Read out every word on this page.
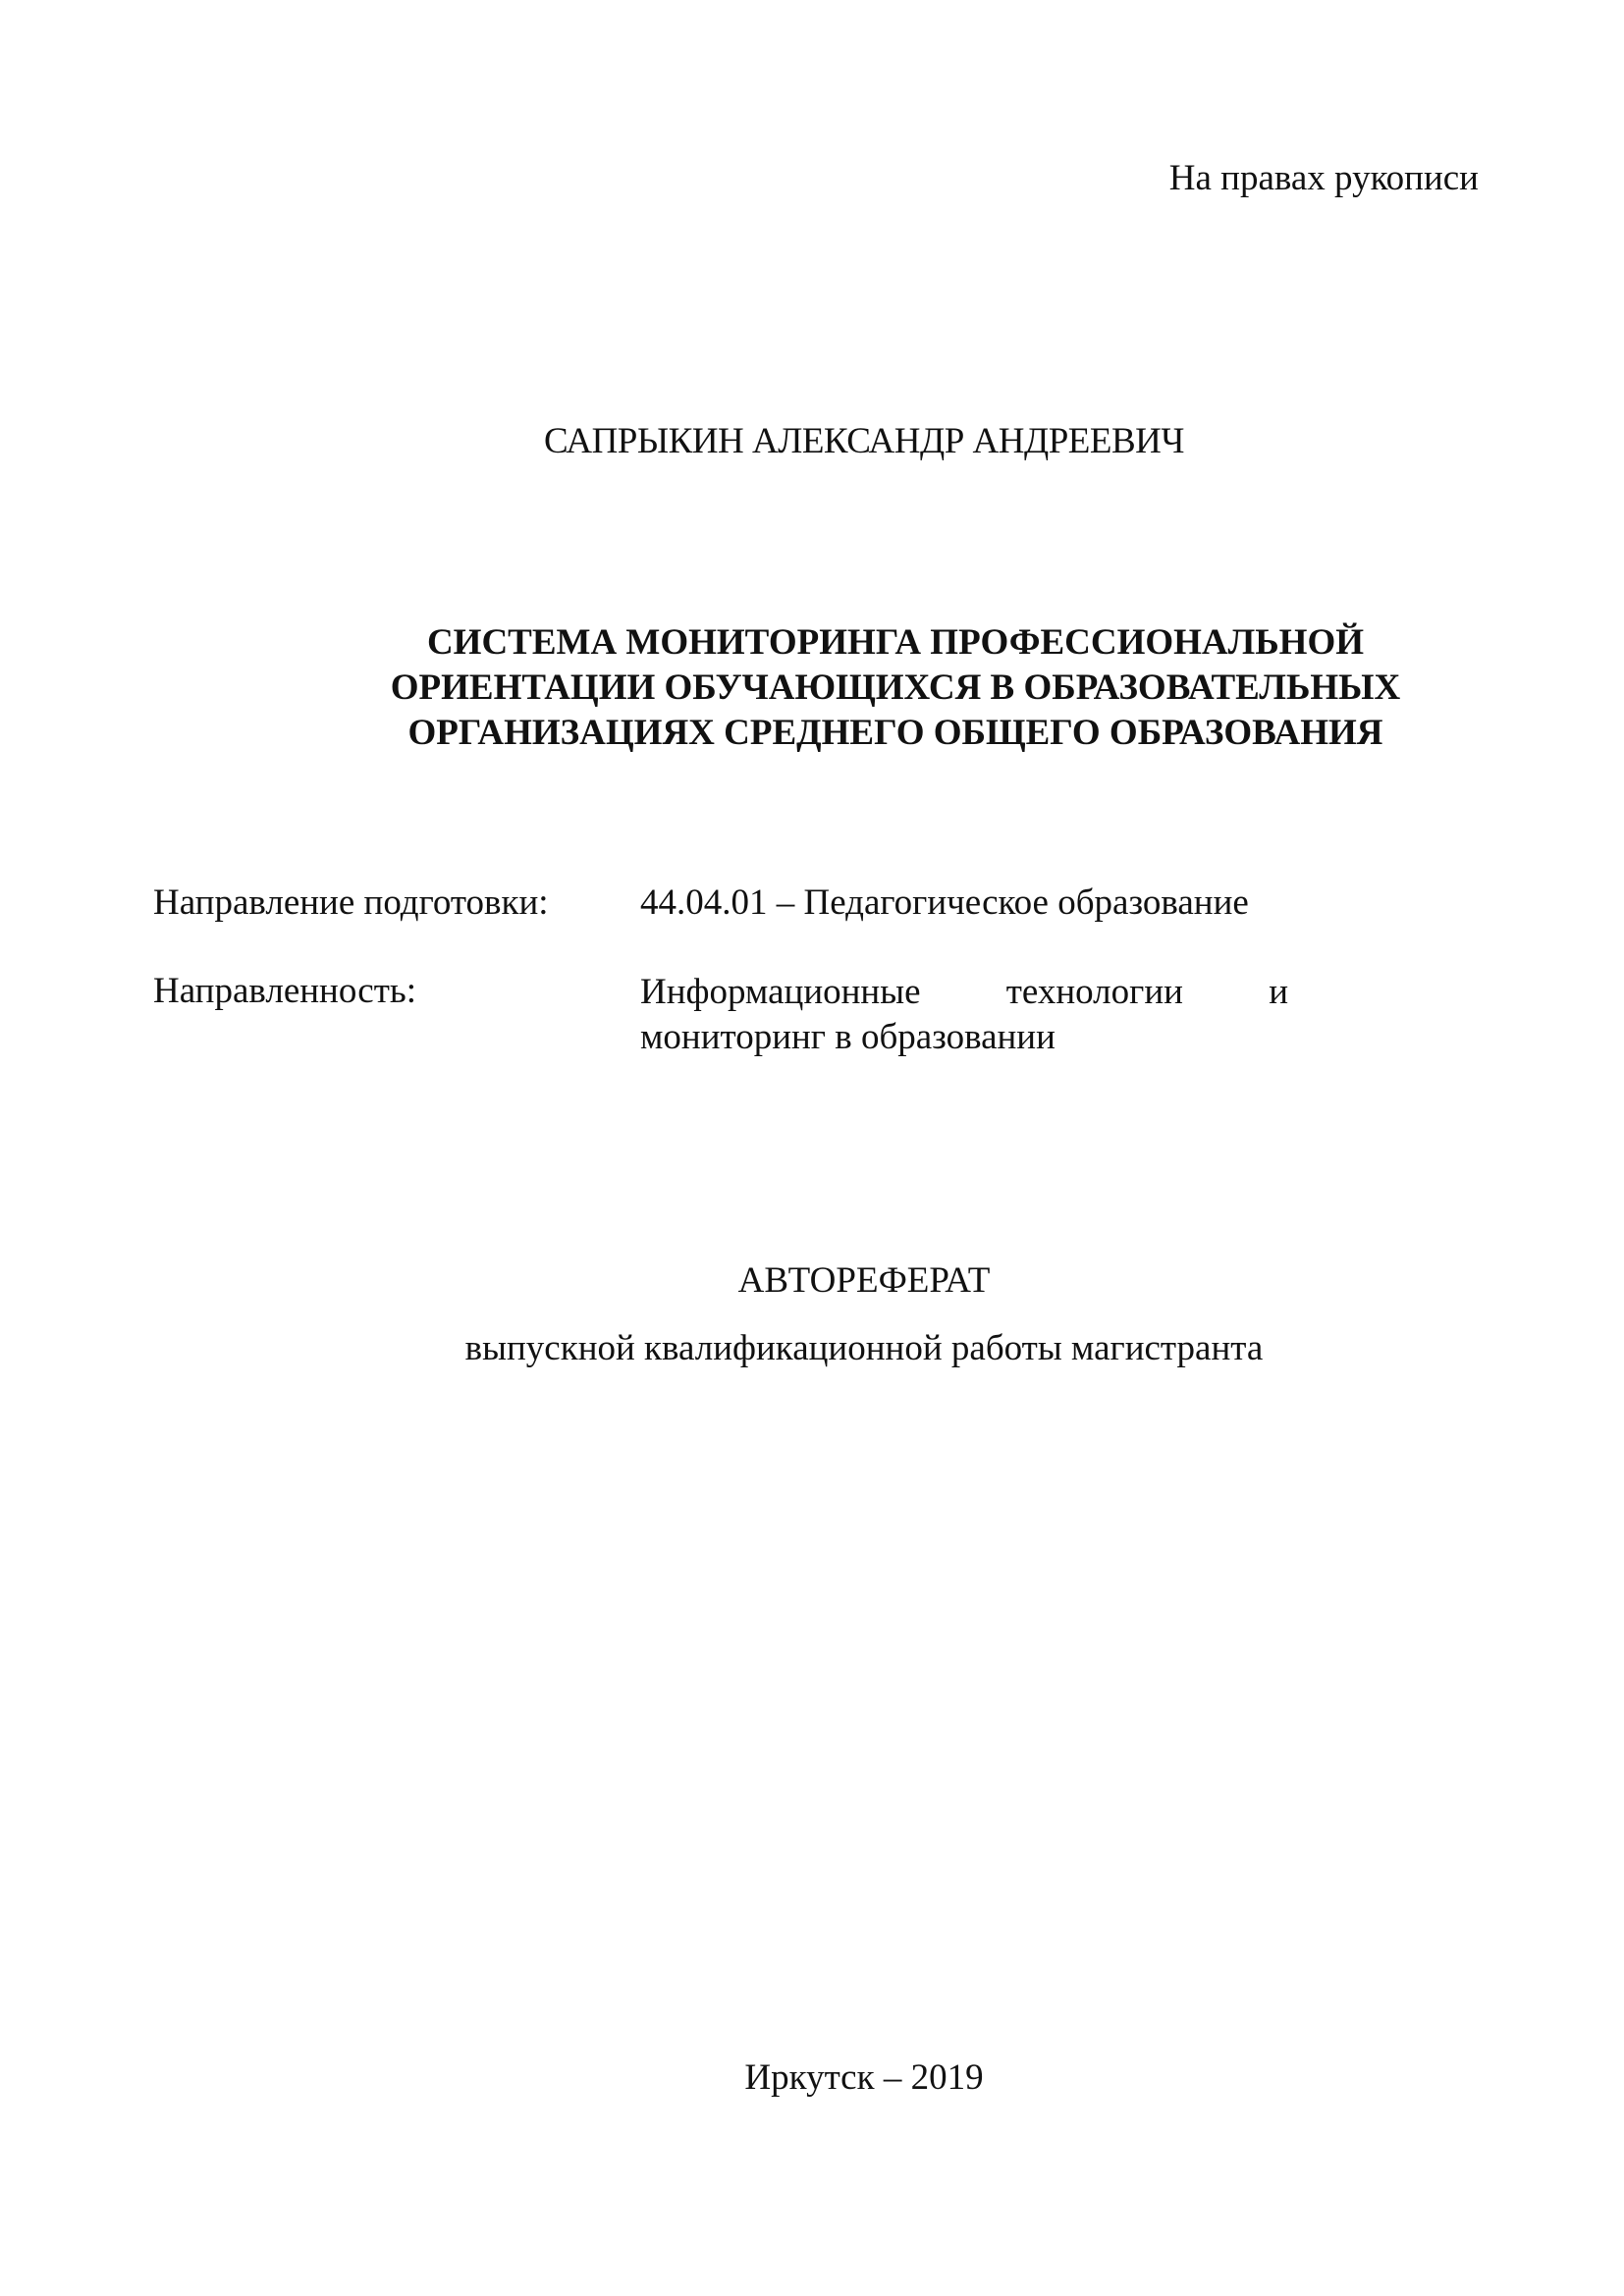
На правах рукописи
САПРЫКИН АЛЕКСАНДР АНДРЕЕВИЧ
СИСТЕМА МОНИТОРИНГА ПРОФЕССИОНАЛЬНОЙ
ОРИЕНТАЦИИ ОБУЧАЮЩИХСЯ В ОБРАЗОВАТЕЛЬНЫХ
ОРГАНИЗАЦИЯХ СРЕДНЕГО ОБЩЕГО ОБРАЗОВАНИЯ
Направление подготовки:	44.04.01 – Педагогическое образование
Направленность:	Информационные технологии и
мониторинг в образовании
АВТОРЕФЕРАТ
выпускной квалификационной работы магистранта
Иркутск – 2019
